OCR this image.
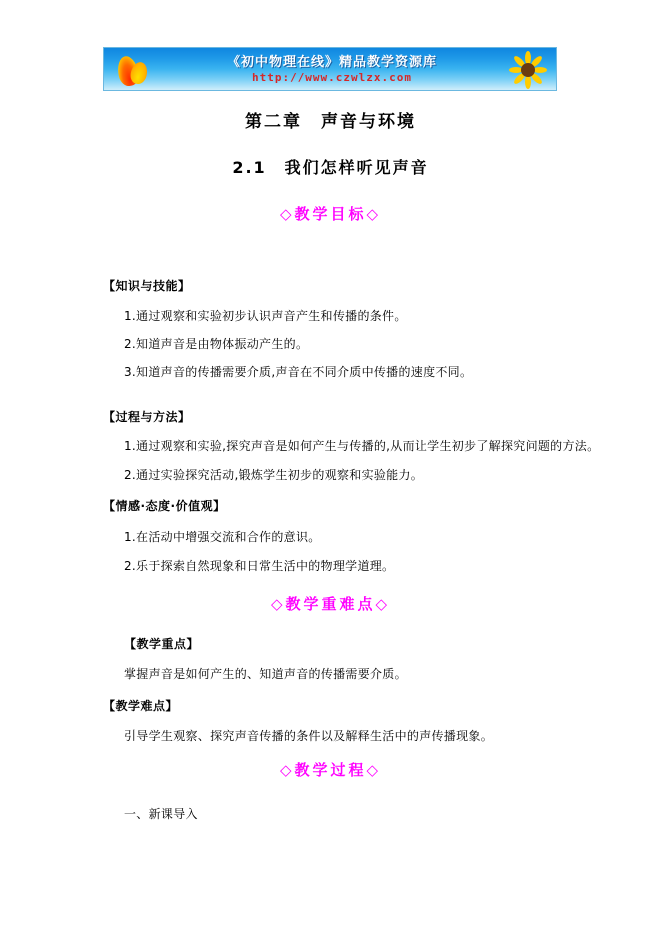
《初中物理在线》精品教学资源库
http://www.czwlzx.com
第二章　声音与环境
2.1　我们怎样听见声音
◇教学目标◇
【知识与技能】
1.通过观察和实验初步认识声音产生和传播的条件。
2.知道声音是由物体振动产生的。
3.知道声音的传播需要介质,声音在不同介质中传播的速度不同。
【过程与方法】
1.通过观察和实验,探究声音是如何产生与传播的,从而让学生初步了解探究问题的方法。
2.通过实验探究活动,锻炼学生初步的观察和实验能力。
【情感·态度·价值观】
1.在活动中增强交流和合作的意识。
2.乐于探索自然现象和日常生活中的物理学道理。
◇教学重难点◇
【教学重点】
掌握声音是如何产生的、知道声音的传播需要介质。
【教学难点】
引导学生观察、探究声音传播的条件以及解释生活中的声传播现象。
◇教学过程◇
一、新课导入
